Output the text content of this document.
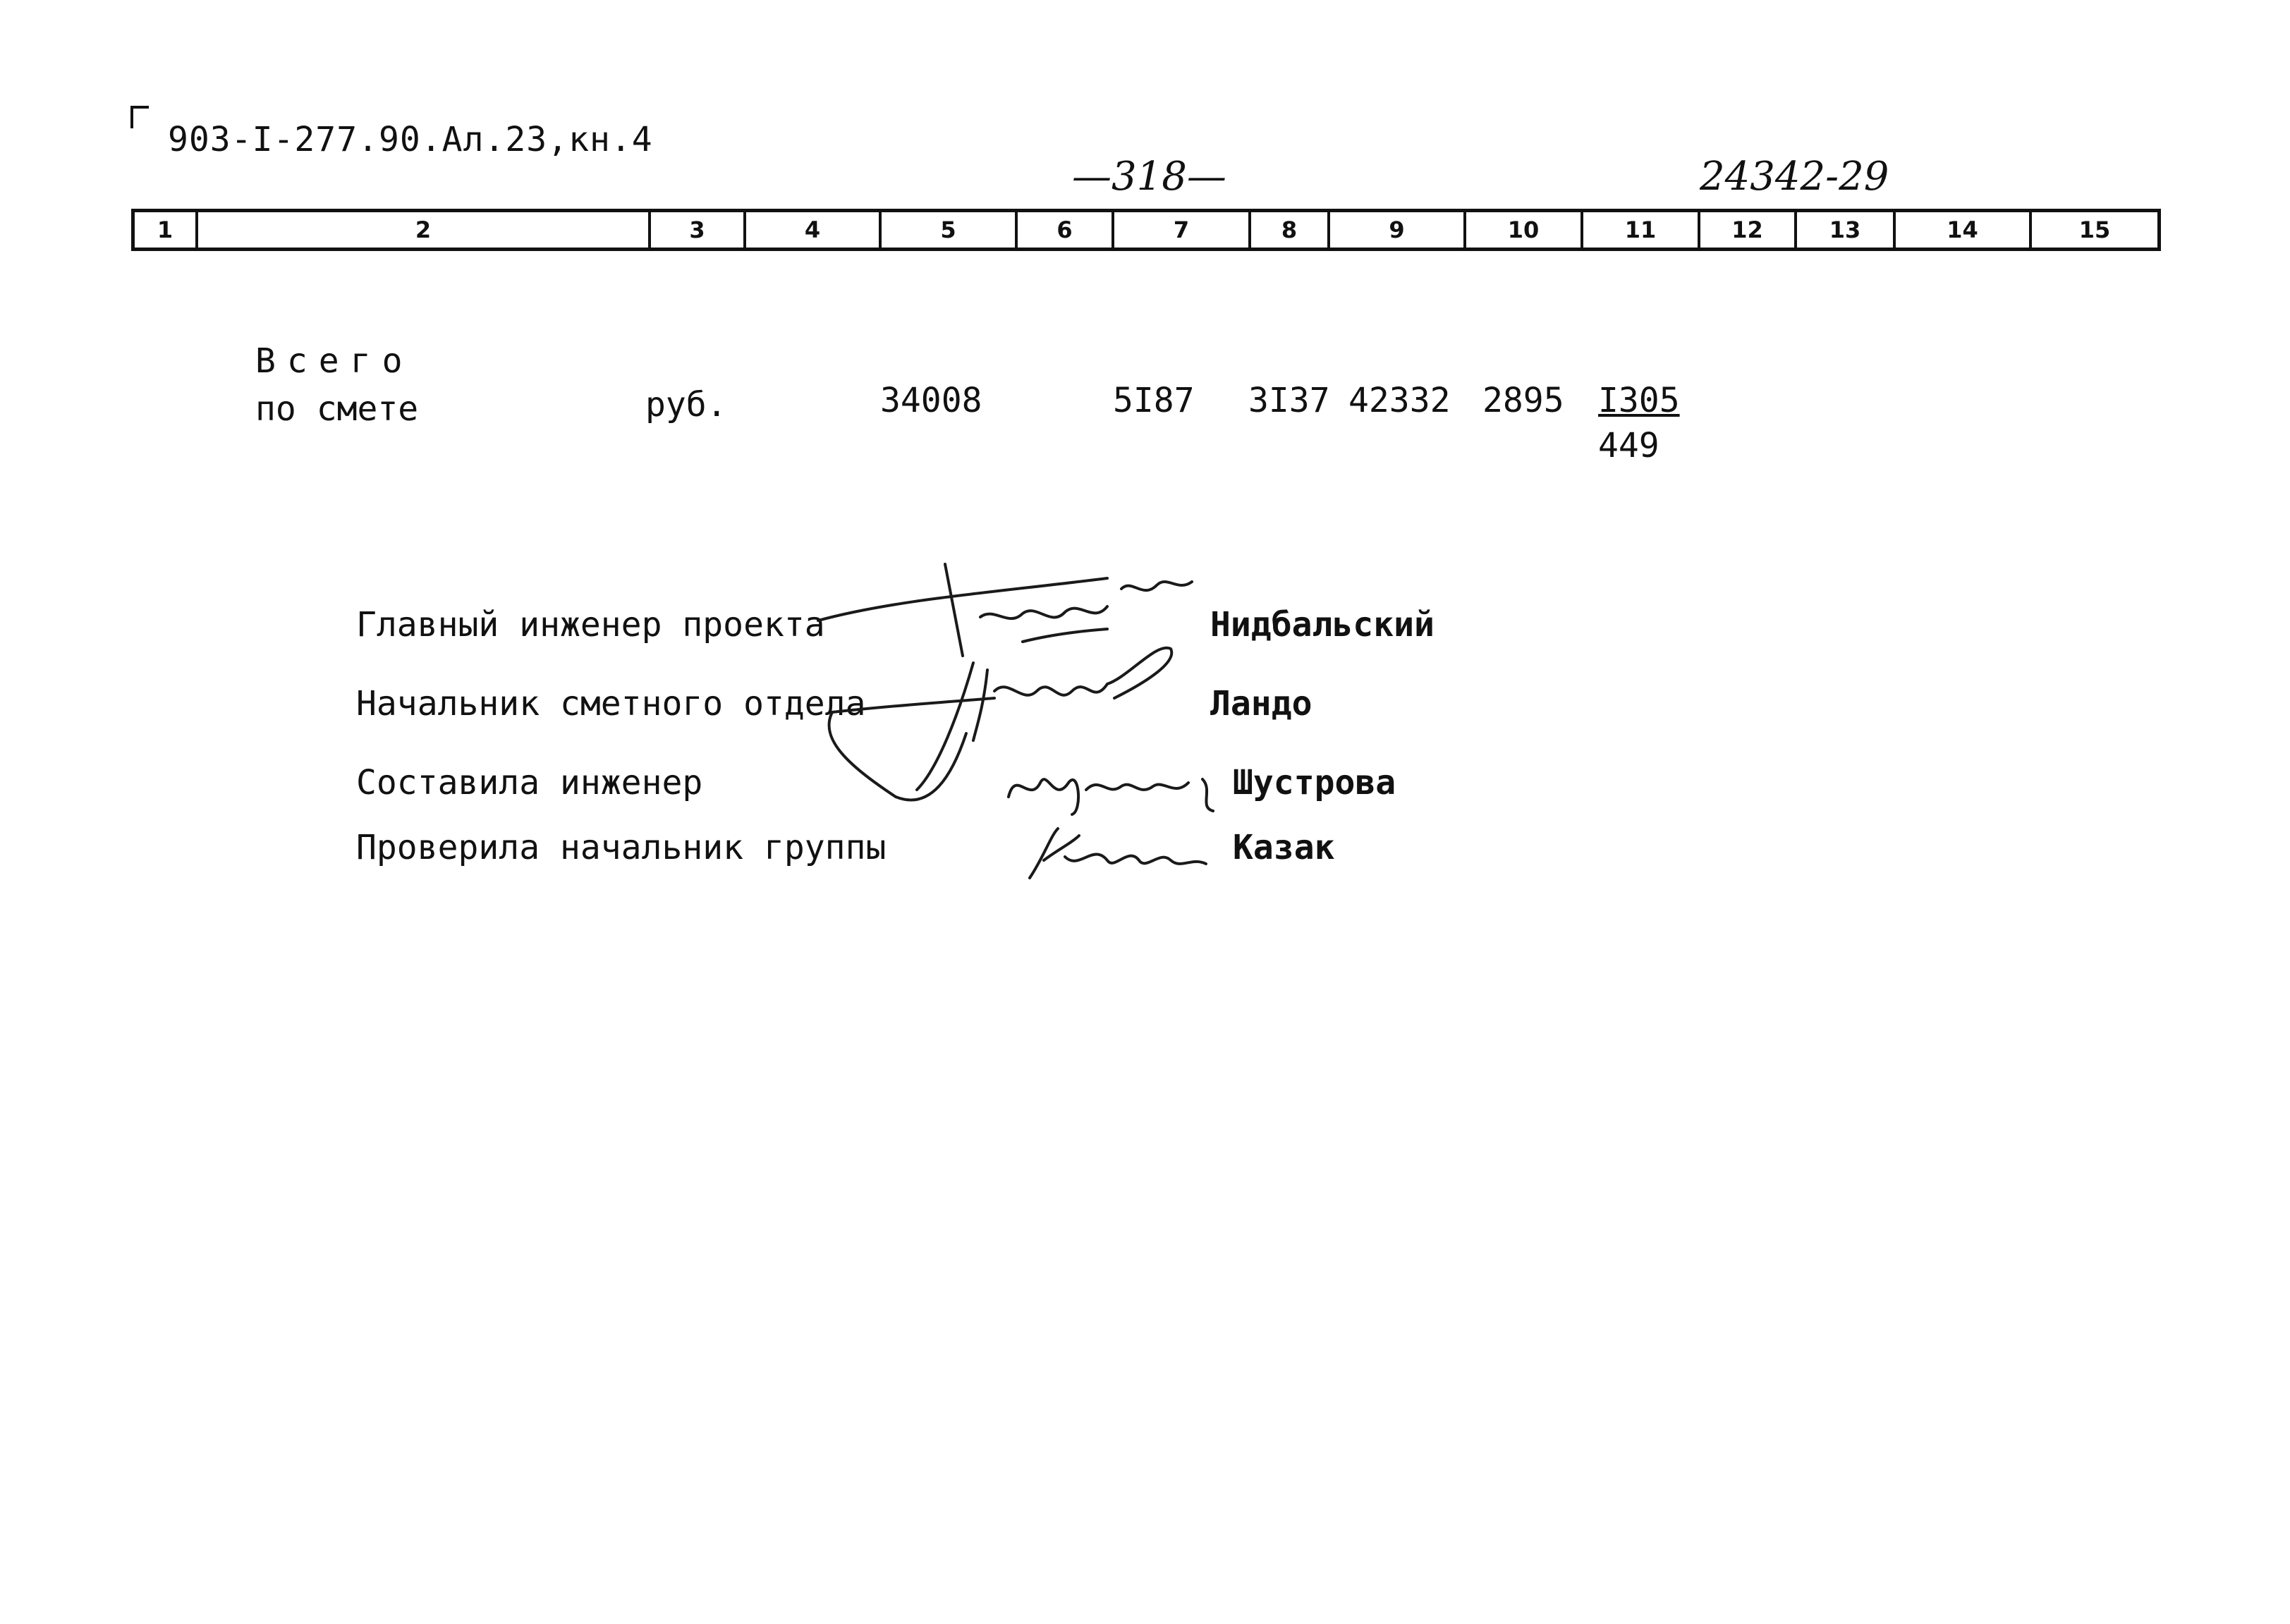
903-I-277.90.Ал.23,кн.4
—318—	24342-29
1	2	3	4	5	6	7	8	9	10	11	12	13	14	15
Всего
по смете	руб.	34008	5I87 3I37 42332 2895 I305
449
Главный инженер проекта
Начальник сметного отдела
Составила инженер
Проверила начальник группы
Нидбальский
Ландо
Шустрова
Казак
